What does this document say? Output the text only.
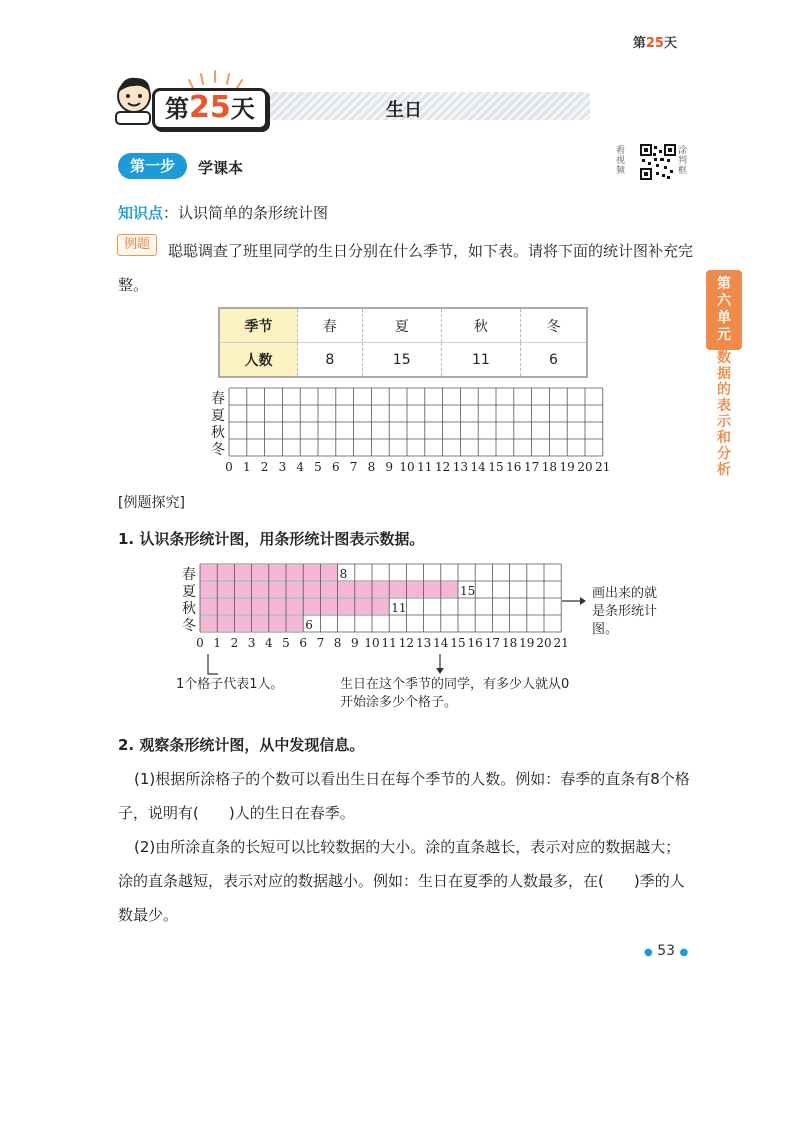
第25天
第25天	生日
第一步	学课本
看视频
涂判框
知识点：认识简单的条形统计图
聪聪调查了班里同学的生日分别在什么季节，如下表。请将下面的统计图补充完整。
例题
季节	春	夏	秋	冬
人数	8	15	11	6
春
夏
秋
冬
0 1 2 3 4 5 6 7 8 9 10 11 12 13 14 15 16 17 18 19 20 21
[例题探究]
1. 认识条形统计图，用条形统计图表示数据。
8
15
11
6
春
夏
秋
冬
0 1 2 3 4 5 6 7 8 9 10 11 12 13 14 15 16 17 18 19 20 21
画出来的就是条形统计图。
1个格子代表1人。	生日在这个季节的同学，有多少人就从0开始涂多少个格子。
2. 观察条形统计图，从中发现信息。
(1)根据所涂格子的个数可以看出生日在每个季节的人数。例如：春季的直条有8个格子，说明有(　　)人的生日在春季。
(2)由所涂直条的长短可以比较数据的大小。涂的直条越长，表示对应的数据越大；涂的直条越短，表示对应的数据越小。例如：生日在夏季的人数最多，在(　　)季的人数最少。
第六单元
数据的表示和分析
● 53 ●
